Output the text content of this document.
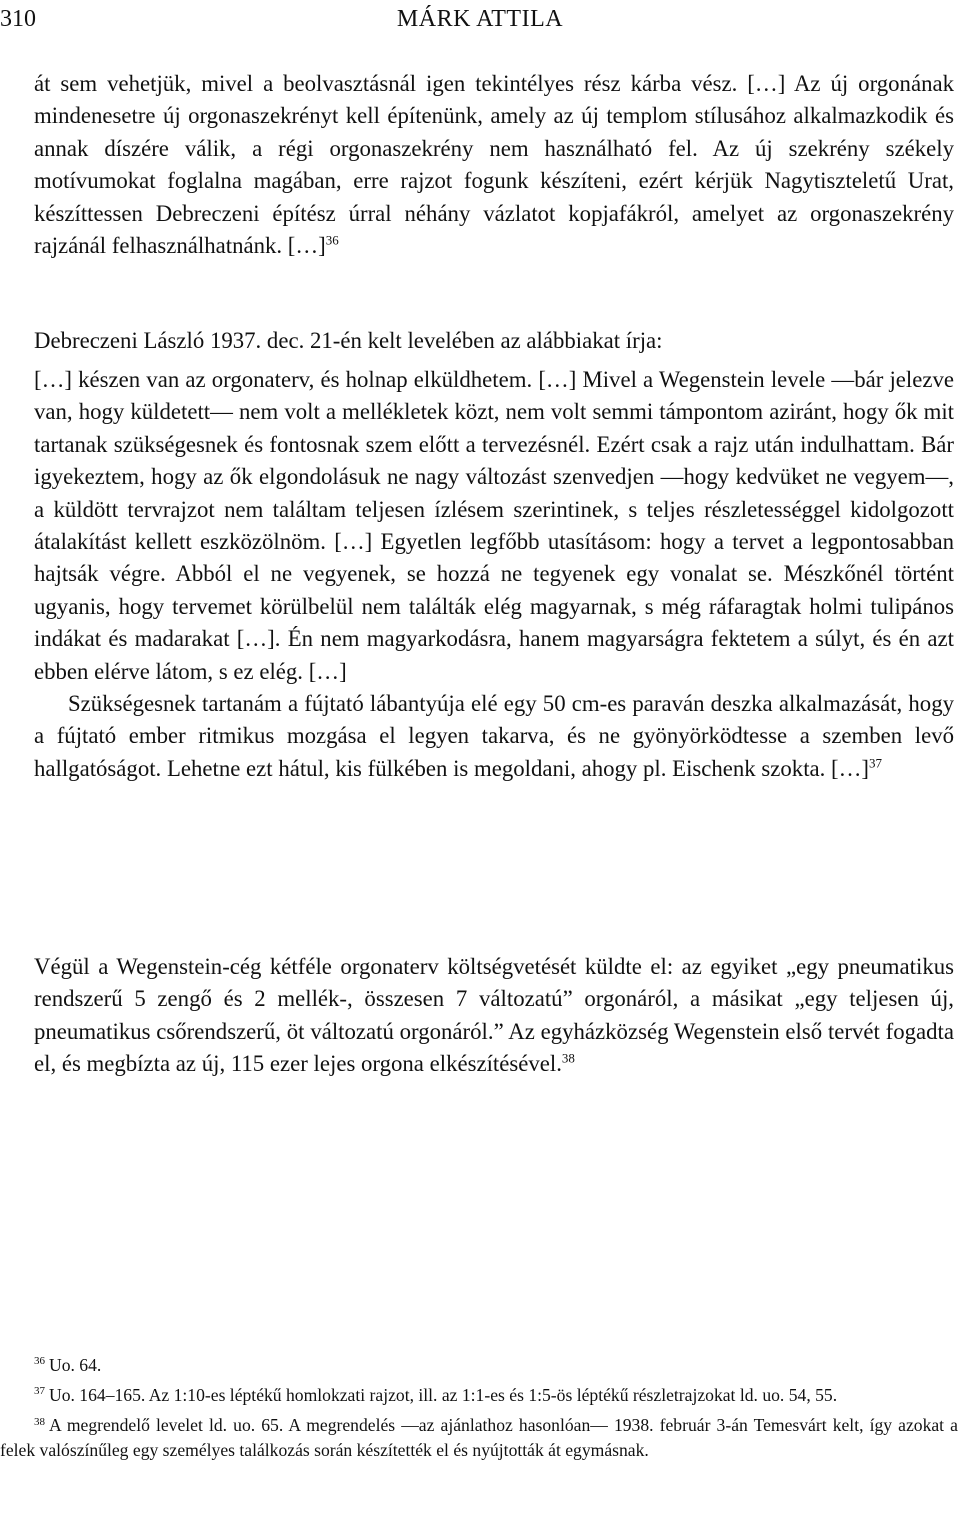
310	MÁRK ATTILA

át sem vehetjük, mivel a beolvasztásnál igen tekintélyes rész kárba vész. […] Az új orgonának mindenesetre új orgonaszekrényt kell építenünk, amely az új templom stílusához alkalmazkodik és annak díszére válik, a régi orgonaszekrény nem használható fel. Az új szekrény székely motívumokat foglalna magában, erre rajzot fogunk készíteni, ezért kérjük Nagytiszteletű Urat, készíttessen Debreczeni építész úrral néhány vázlatot kopjafákról, amelyet az orgonaszekrény rajzánál felhasználhatnánk. […]$^{36}$

Debreczeni László 1937. dec. 21-én kelt levelében az alábbiakat írja:

[…] készen van az orgonaterv, és holnap elküldhetem. […] Mivel a Wegenstein levele —bár jelezve van, hogy küldetett— nem volt a mellékletek közt, nem volt semmi támpontom aziránt, hogy ők mit tartanak szükségesnek és fontosnak szem előtt a tervezésnél. Ezért csak a rajz után indulhattam. Bár igyekeztem, hogy az ők elgondolásuk ne nagy változást szenvedjen —hogy kedvüket ne vegyem—, a küldött tervrajzot nem találtam teljesen ízlésem szerintinek, s teljes részletességgel kidolgozott átalakítást kellett eszközölnöm. […] Egyetlen legfőbb utasításom: hogy a tervet a legpontosabban hajtsák végre. Abból el ne vegyenek, se hozzá ne tegyenek egy vonalat se. Mészkőnél történt ugyanis, hogy tervemet körülbelül nem találták elég magyarnak, s még ráfaragtak holmi tulipános indákat és madarakat […]. Én nem magyarkodásra, hanem magyarságra fektetem a súlyt, és én azt ebben elérve látom, s ez elég. […]

Szükségesnek tartanám a fújtató lábantyúja elé egy 50 cm-es paraván deszka alkalmazását, hogy a fújtató ember ritmikus mozgása el legyen takarva, és ne gyönyörködtesse a szemben levő hallgatóságot. Lehetne ezt hátul, kis fülkében is megoldani, ahogy pl. Eischenk szokta. […]$^{37}$

Végül a Wegenstein-cég kétféle orgonaterv költségvetését küldte el: az egyiket „egy pneumatikus rendszerű 5 zengő és 2 mellék-, összesen 7 változatú” orgonáról, a másikat „egy teljesen új, pneumatikus csőrendszerű, öt változatú orgonáról.” Az egyházközség Wegenstein első tervét fogadta el, és megbízta az új, 115 ezer lejes orgona elkészítésével.$^{38}$

$^{36}$ Uo. 64.

$^{37}$ Uo. 164–165. Az 1:10-es léptékű homlokzati rajzot, ill. az 1:1-es és 1:5-ös léptékű részletrajzokat ld. uo. 54, 55.

$^{38}$ A megrendelő levelet ld. uo. 65. A megrendelés —az ajánlathoz hasonlóan— 1938. február 3-án Temesvárt kelt, így azokat a felek valószínűleg egy személyes találkozás során készítették el és nyújtották át egymásnak.
